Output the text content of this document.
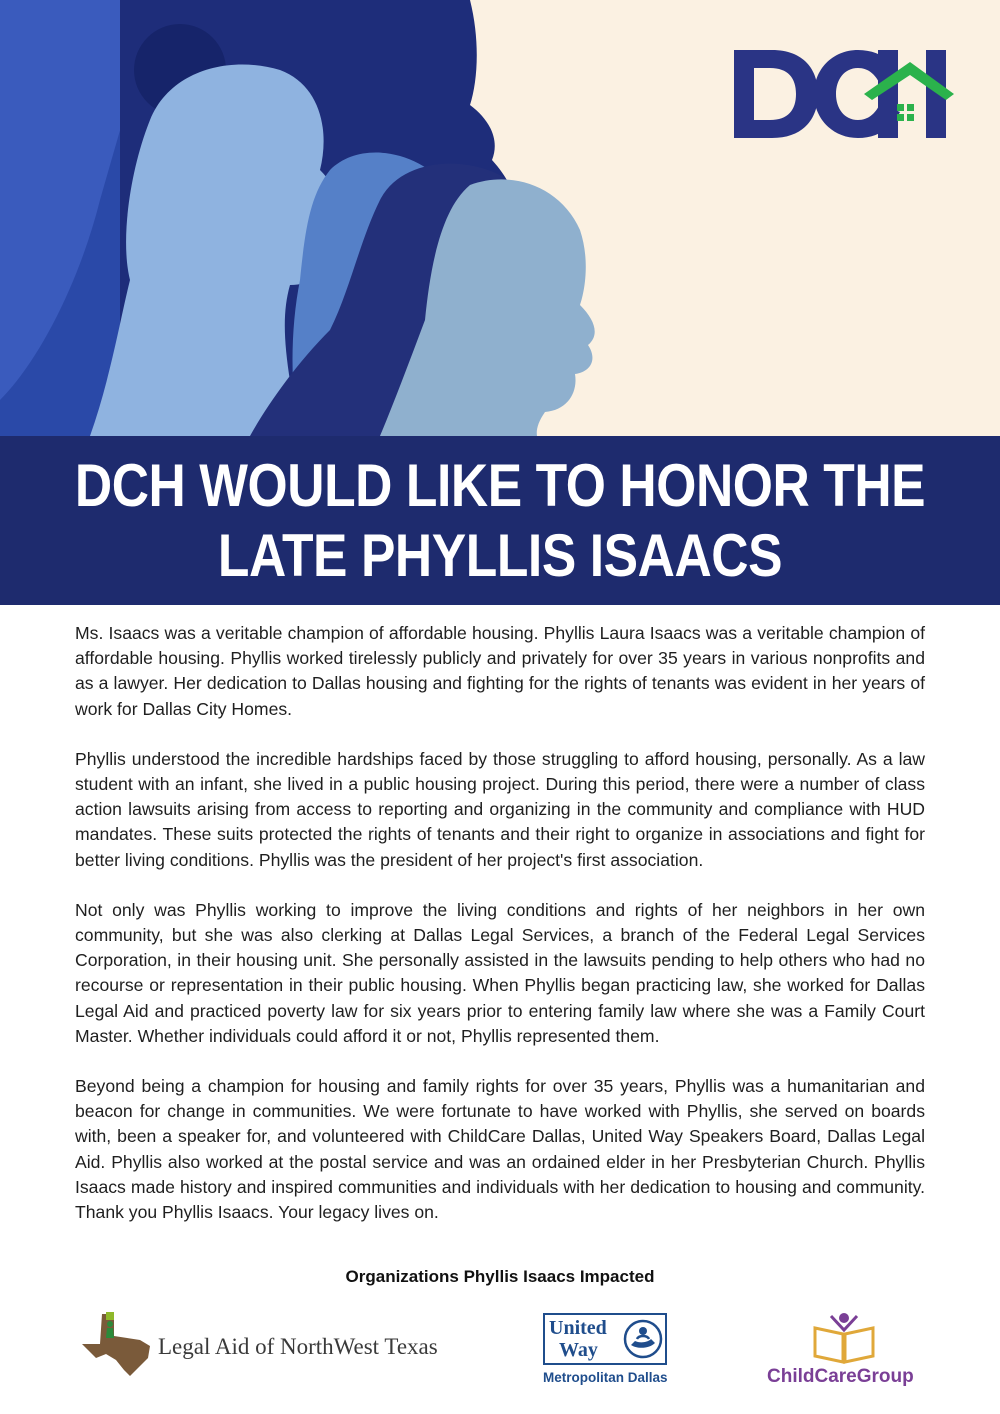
DCH WOULD LIKE TO HONOR THE
LATE PHYLLIS ISAACS

Ms. Isaacs was a veritable champion of affordable housing. Phyllis Laura Isaacs was a veritable champion of affordable housing. Phyllis worked tirelessly publicly and privately for over 35 years in various nonprofits and as a lawyer. Her dedication to Dallas housing and fighting for the rights of tenants was evident in her years of work for Dallas City Homes.

Phyllis understood the incredible hardships faced by those struggling to afford housing, personally. As a law student with an infant, she lived in a public housing project. During this period, there were a number of class action lawsuits arising from access to reporting and organizing in the community and compliance with HUD mandates. These suits protected the rights of tenants and their right to organize in associations and fight for better living conditions. Phyllis was the president of her project's first association.

Not only was Phyllis working to improve the living conditions and rights of her neighbors in her own community, but she was also clerking at Dallas Legal Services, a branch of the Federal Legal Services Corporation, in their housing unit. She personally assisted in the lawsuits pending to help others who had no recourse or representation in their public housing. When Phyllis began practicing law, she worked for Dallas Legal Aid and practiced poverty law for six years prior to entering family law where she was a Family Court Master. Whether individuals could afford it or not, Phyllis represented them.

Beyond being a champion for housing and family rights for over 35 years, Phyllis was a humanitarian and beacon for change in communities. We were fortunate to have worked with Phyllis, she served on boards with, been a speaker for, and volunteered with ChildCare Dallas, United Way Speakers Board, Dallas Legal Aid. Phyllis also worked at the postal service and was an ordained elder in her Presbyterian Church. Phyllis Isaacs made history and inspired communities and individuals with her dedication to housing and community. Thank you Phyllis Isaacs. Your legacy lives on.

Organizations Phyllis Isaacs Impacted
Legal Aid of NorthWest Texas
United
Way
Metropolitan Dallas	ChildCareGroup
